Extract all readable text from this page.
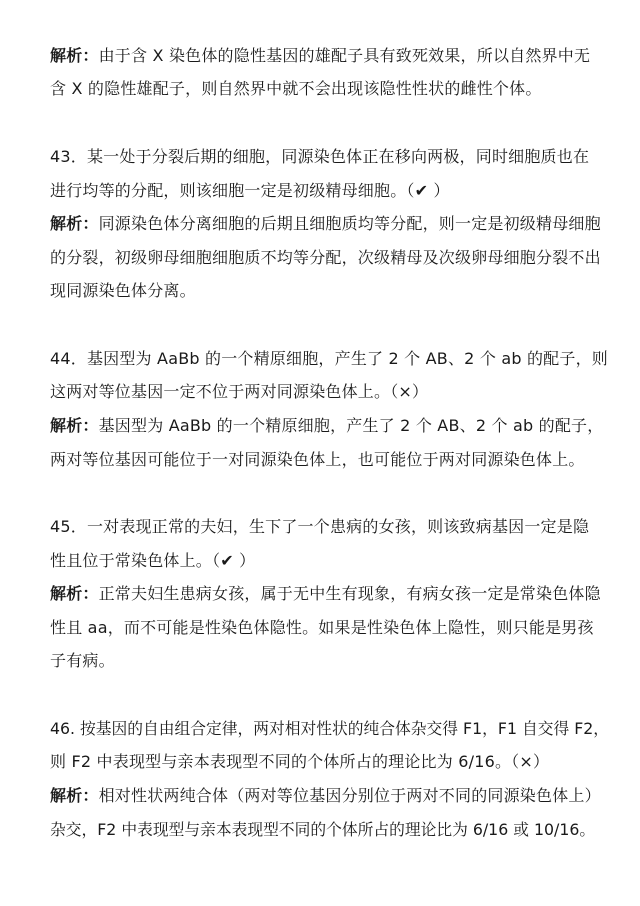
解析：由于含 X 染色体的隐性基因的雄配子具有致死效果，所以自然界中无
含 X 的隐性雄配子，则自然界中就不会出现该隐性性状的雌性个体。
43．某一处于分裂后期的细胞，同源染色体正在移向两极，同时细胞质也在
进行均等的分配，则该细胞一定是初级精母细胞。（✔ ）
解析：同源染色体分离细胞的后期且细胞质均等分配，则一定是初级精母细胞
的分裂，初级卵母细胞细胞质不均等分配，次级精母及次级卵母细胞分裂不出
现同源染色体分离。
44．基因型为 AaBb 的一个精原细胞，产生了 2 个 AB、2 个 ab 的配子，则
这两对等位基因一定不位于两对同源染色体上。（×）
解析：基因型为 AaBb 的一个精原细胞，产生了 2 个 AB、2 个 ab 的配子，
两对等位基因可能位于一对同源染色体上，也可能位于两对同源染色体上。
45．一对表现正常的夫妇，生下了一个患病的女孩，则该致病基因一定是隐
性且位于常染色体上。（✔ ）
解析：正常夫妇生患病女孩，属于无中生有现象，有病女孩一定是常染色体隐
性且 aa，而不可能是性染色体隐性。如果是性染色体上隐性，则只能是男孩
子有病。
46. 按基因的自由组合定律，两对相对性状的纯合体杂交得 F1，F1 自交得 F2，
则 F2 中表现型与亲本表现型不同的个体所占的理论比为 6/16。（×）
解析：相对性状两纯合体（两对等位基因分别位于两对不同的同源染色体上）
杂交，F2 中表现型与亲本表现型不同的个体所占的理论比为 6/16 或 10/16。
